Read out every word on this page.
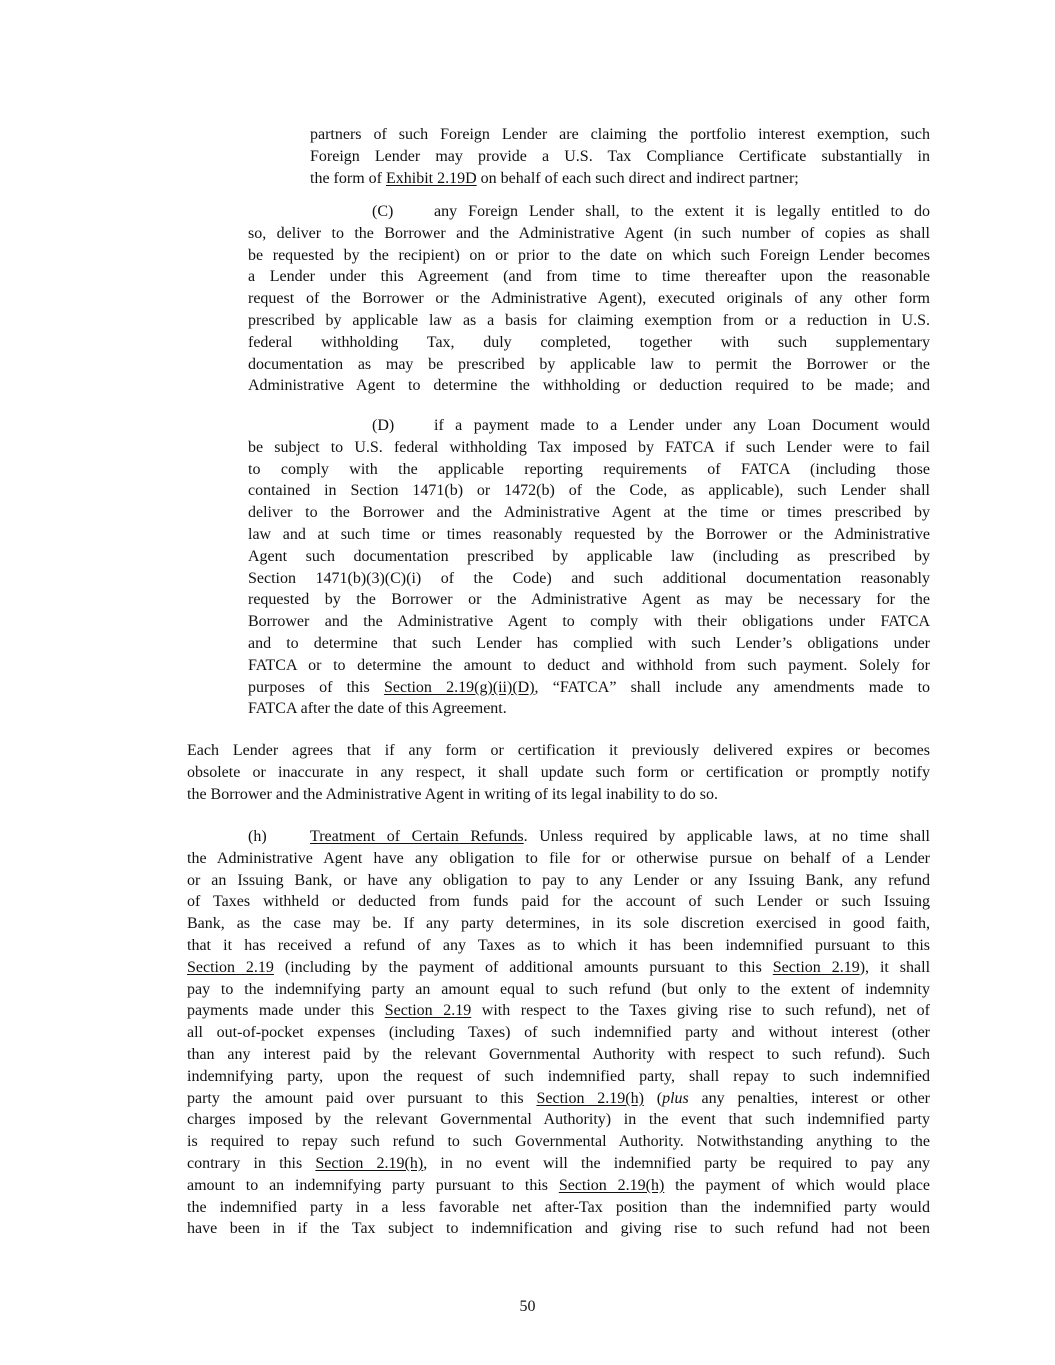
partners of such Foreign Lender are claiming the portfolio interest exemption, such
Foreign Lender may provide a U.S. Tax Compliance Certificate substantially in
the form of Exhibit 2.19D on behalf of each such direct and indirect partner;
(C)	any Foreign Lender shall, to the extent it is legally entitled to do
so, deliver to the Borrower and the Administrative Agent (in such number of copies as shall
be requested by the recipient) on or prior to the date on which such Foreign Lender becomes
a Lender under this Agreement (and from time to time thereafter upon the reasonable
request of the Borrower or the Administrative Agent), executed originals of any other form
prescribed by applicable law as a basis for claiming exemption from or a reduction in U.S.
federal withholding Tax, duly completed, together with such supplementary
documentation as may be prescribed by applicable law to permit the Borrower or the
Administrative Agent to determine the withholding or deduction required to be made; and
(D) if a payment made to a Lender under any Loan Document would
be subject to U.S. federal withholding Tax imposed by FATCA if such Lender were to fail
to comply with the applicable reporting requirements of FATCA (including those
contained in Section 1471(b) or 1472(b) of the Code, as applicable), such Lender shall
deliver to the Borrower and the Administrative Agent at the time or times prescribed by
law and at such time or times reasonably requested by the Borrower or the Administrative
Agent such documentation prescribed by applicable law (including as prescribed by
Section 1471(b)(3)(C)(i) of the Code) and such additional documentation reasonably
requested by the Borrower or the Administrative Agent as may be necessary for the
Borrower and the Administrative Agent to comply with their obligations under FATCA
and to determine that such Lender has complied with such Lender’s obligations under
FATCA or to determine the amount to deduct and withhold from such payment. Solely for
purposes of this Section 2.19(g)(ii)(D), “FATCA” shall include any amendments made to
FATCA after the date of this Agreement.
Each Lender agrees that if any form or certification it previously delivered expires or becomes
obsolete or inaccurate in any respect, it shall update such form or certification or promptly notify
the Borrower and the Administrative Agent in writing of its legal inability to do so.
(h)	Treatment of Certain Refunds. Unless required by applicable laws, at no time shall
the Administrative Agent have any obligation to file for or otherwise pursue on behalf of a Lender
or an Issuing Bank, or have any obligation to pay to any Lender or any Issuing Bank, any refund
of Taxes withheld or deducted from funds paid for the account of such Lender or such Issuing
Bank, as the case may be. If any party determines, in its sole discretion exercised in good faith,
that it has received a refund of any Taxes as to which it has been indemnified pursuant to this
Section 2.19 (including by the payment of additional amounts pursuant to this Section 2.19), it shall
pay to the indemnifying party an amount equal to such refund (but only to the extent of indemnity
payments made under this Section 2.19 with respect to the Taxes giving rise to such refund), net of
all out-of-pocket expenses (including Taxes) of such indemnified party and without interest (other
than any interest paid by the relevant Governmental Authority with respect to such refund). Such
indemnifying party, upon the request of such indemnified party, shall repay to such indemnified
party the amount paid over pursuant to this Section 2.19(h) (plus any penalties, interest or other
charges imposed by the relevant Governmental Authority) in the event that such indemnified party
is required to repay such refund to such Governmental Authority. Notwithstanding anything to the
contrary in this Section 2.19(h), in no event will the indemnified party be required to pay any
amount to an indemnifying party pursuant to this Section 2.19(h) the payment of which would place
the indemnified party in a less favorable net after-Tax position than the indemnified party would
have been in if the Tax subject to indemnification and giving rise to such refund had not been
50
